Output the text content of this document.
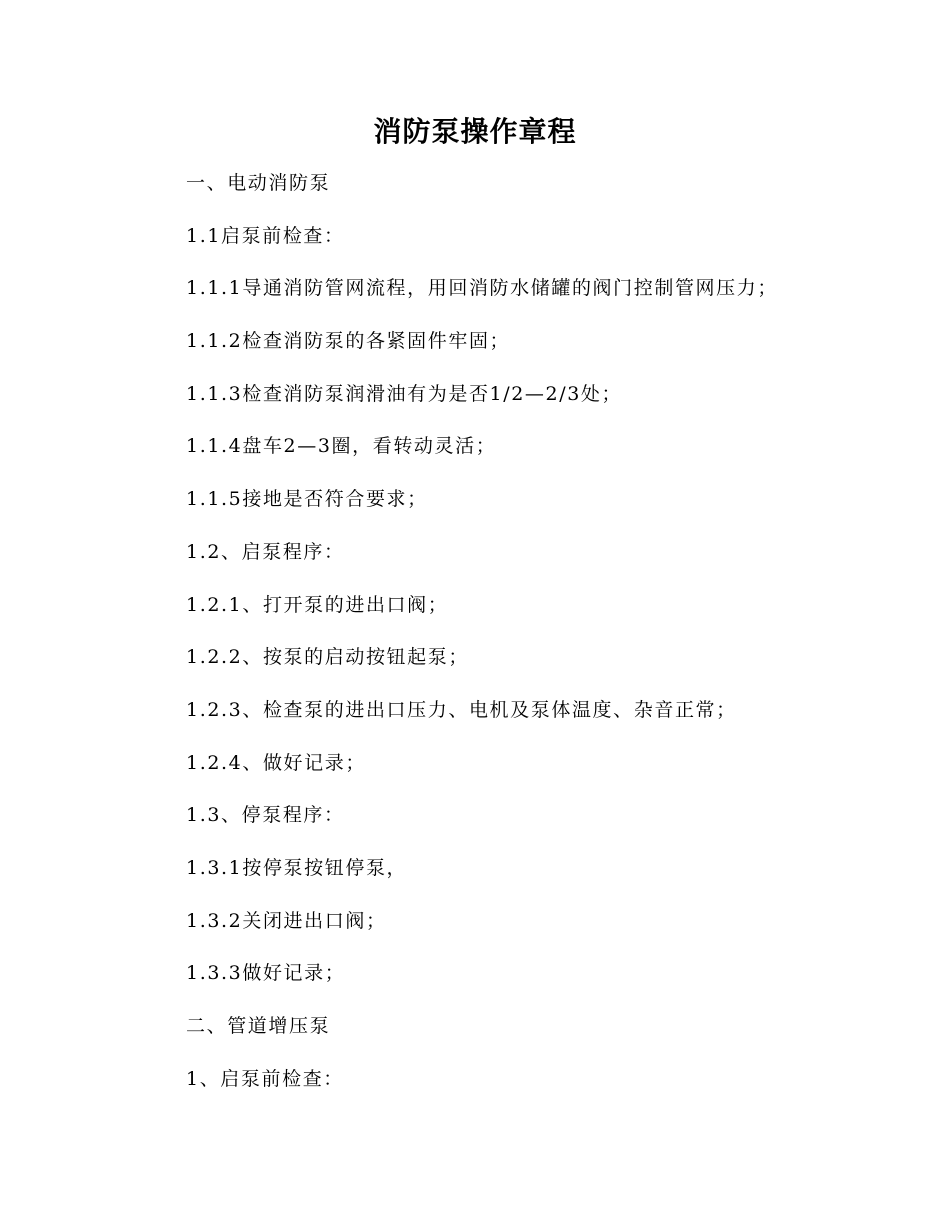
消防泵操作章程
一、电动消防泵
1.1启泵前检查：
1.1.1导通消防管网流程，用回消防水储罐的阀门控制管网压力；
1.1.2检查消防泵的各紧固件牢固；
1.1.3检查消防泵润滑油有为是否1/2—2/3处；
1.1.4盘车2—3圈，看转动灵活；
1.1.5接地是否符合要求；
1.2、启泵程序：
1.2.1、打开泵的进出口阀；
1.2.2、按泵的启动按钮起泵；
1.2.3、检查泵的进出口压力、电机及泵体温度、杂音正常；
1.2.4、做好记录；
1.3、停泵程序：
1.3.1按停泵按钮停泵，
1.3.2关闭进出口阀；
1.3.3做好记录；
二、管道增压泵
1、启泵前检查：
